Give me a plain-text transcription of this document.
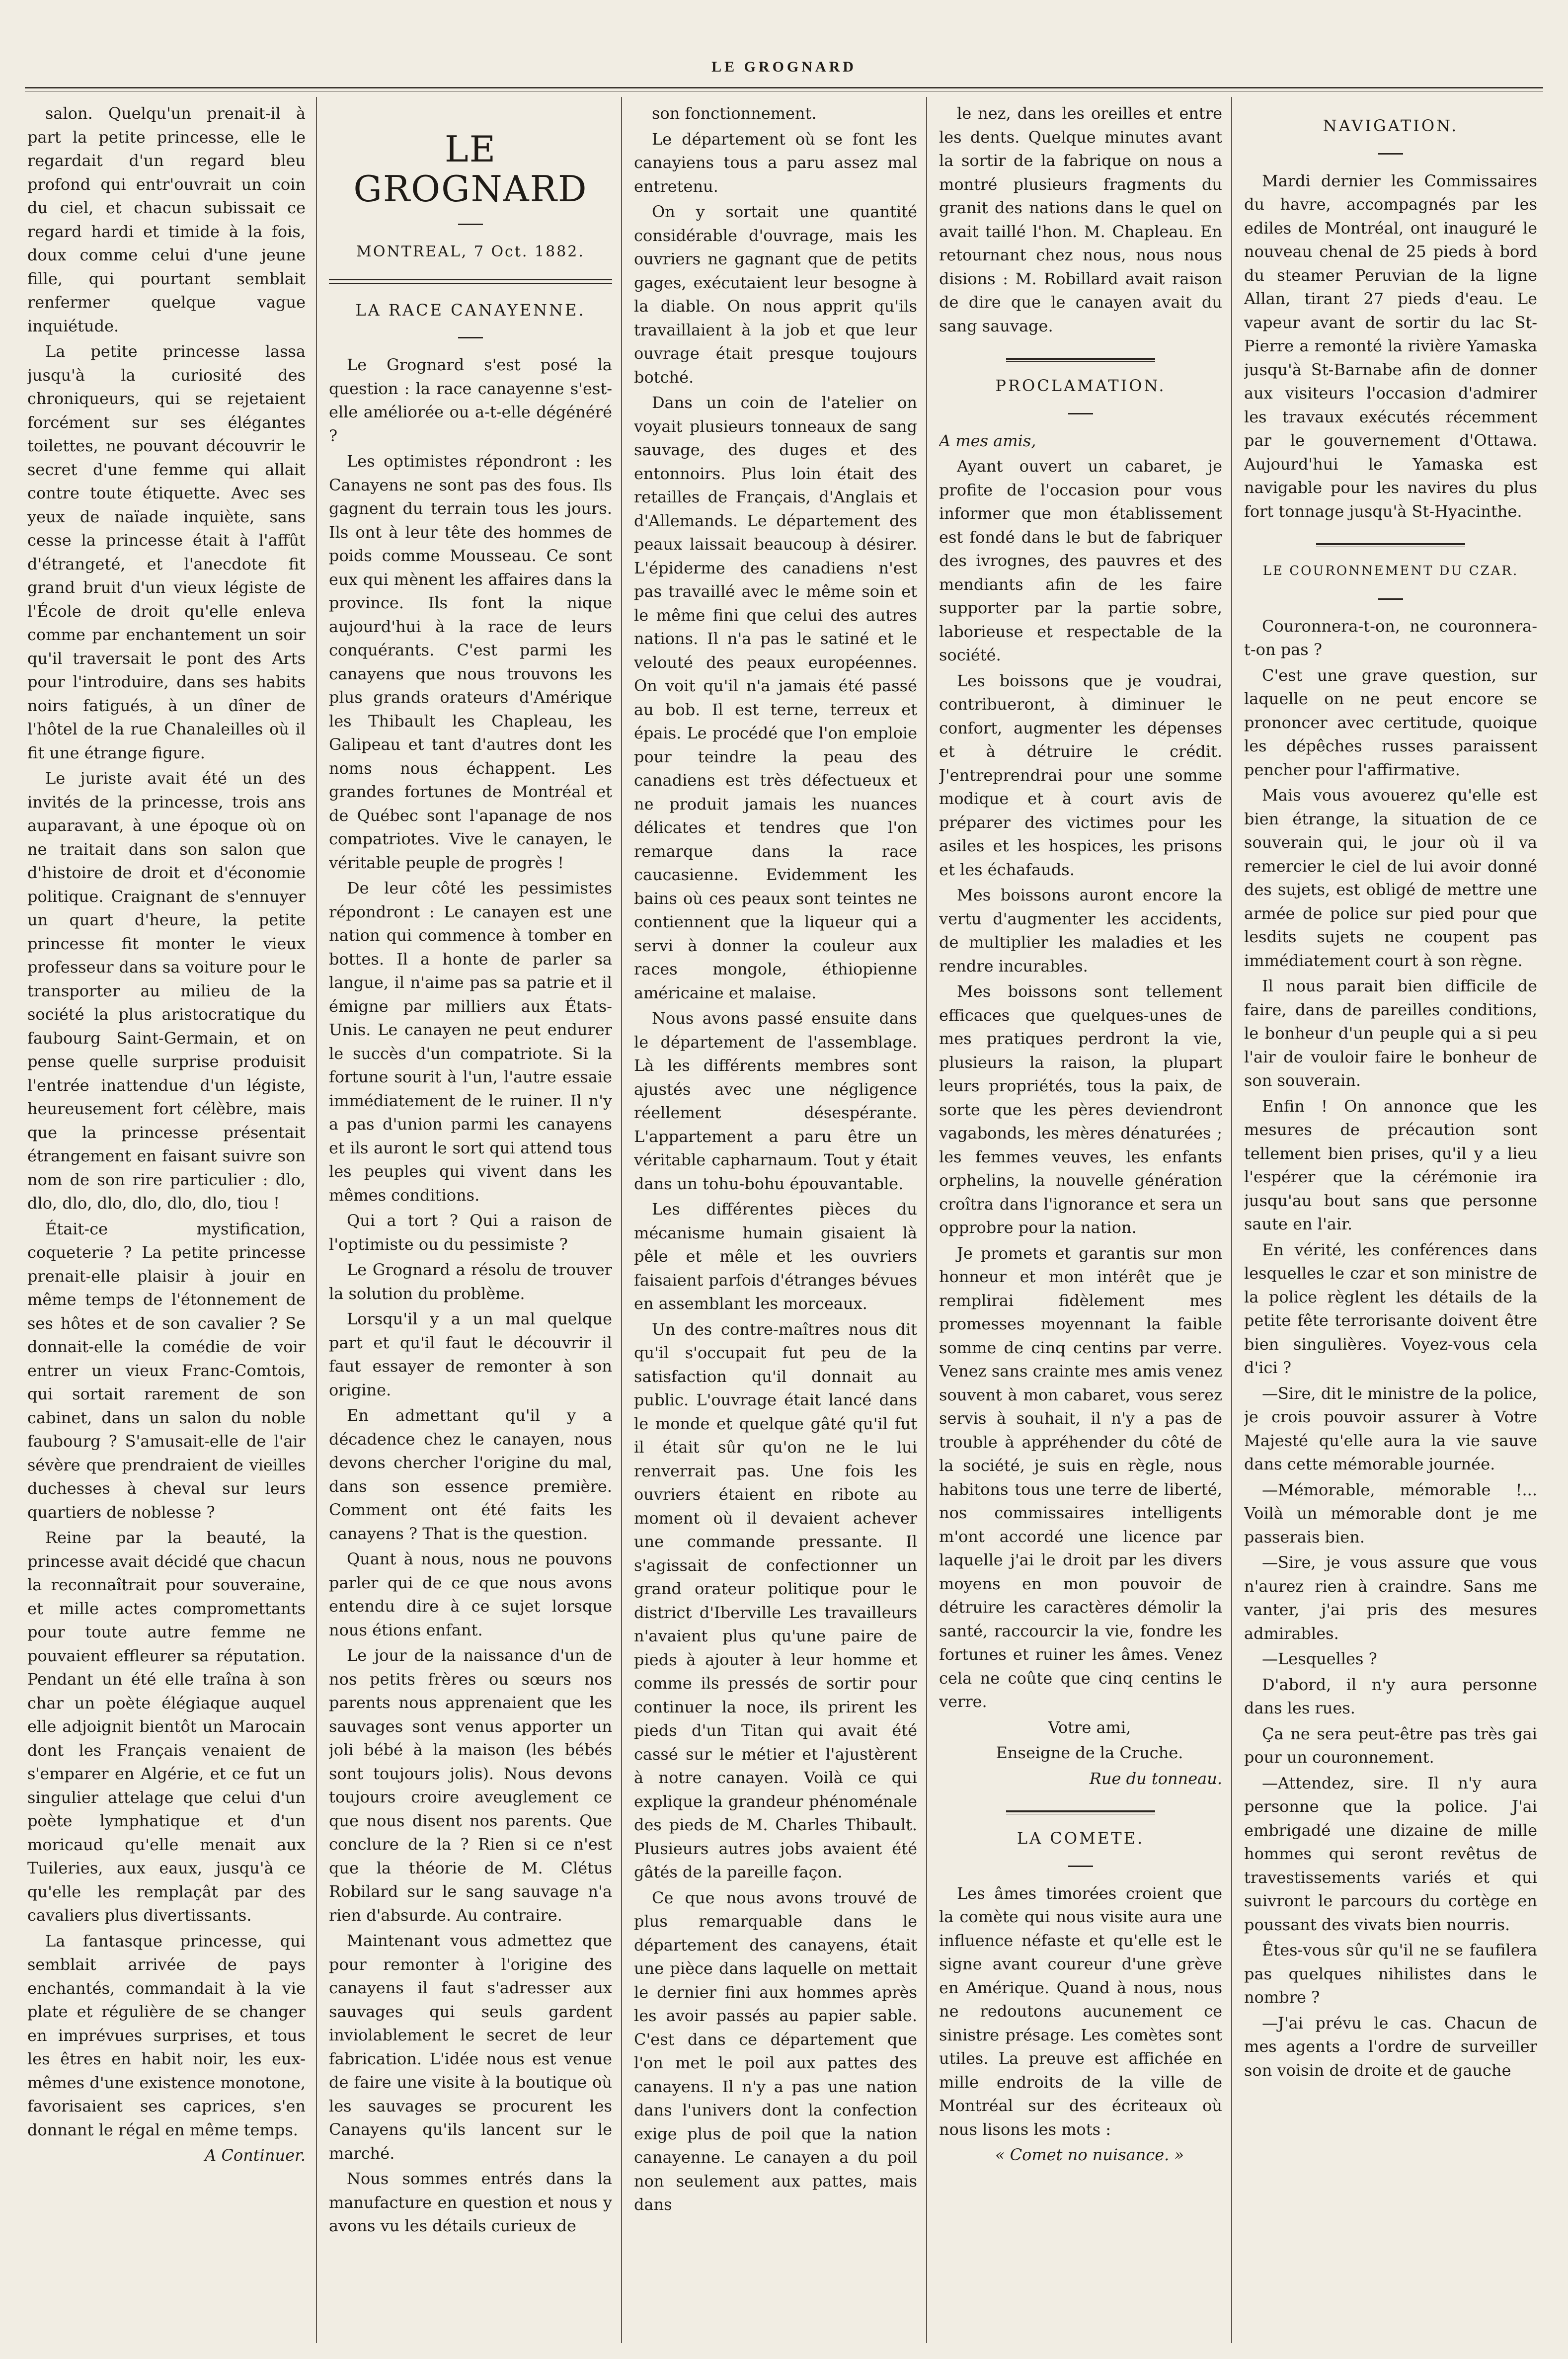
LE GROGNARD

salon. Quelqu'un prenait-il à part la petite princesse, elle le regardait d'un regard bleu profond qui entr'ouvrait un coin du ciel, et chacun subissait ce regard hardi et timide à la fois, doux comme celui d'une jeune fille, qui pourtant semblait renfermer quelque vague inquiétude.

La petite princesse lassa jusqu'à la curiosité des chroniqueurs, qui se rejetaient forcément sur ses élégantes toilettes, ne pouvant découvrir le secret d'une femme qui allait contre toute étiquette. Avec ses yeux de naïade inquiète, sans cesse la princesse était à l'affût d'étrangeté, et l'anecdote fit grand bruit d'un vieux légiste de l'École de droit qu'elle enleva comme par enchantement un soir qu'il traversait le pont des Arts pour l'introduire, dans ses habits noirs fatigués, à un dîner de l'hôtel de la rue Chanaleilles où il fit une étrange figure.

Le juriste avait été un des invités de la princesse, trois ans auparavant, à une époque où on ne traitait dans son salon que d'histoire de droit et d'économie politique. Craignant de s'ennuyer un quart d'heure, la petite princesse fit monter le vieux professeur dans sa voiture pour le transporter au milieu de la société la plus aristocratique du faubourg Saint-Germain, et on pense quelle surprise produisit l'entrée inattendue d'un légiste, heureusement fort célèbre, mais que la princesse présentait étrangement en faisant suivre son nom de son rire particulier : dlo, dlo, dlo, dlo, dlo, dlo, dlo, tiou !

Était-ce mystification, coqueterie ? La petite princesse prenait-elle plaisir à jouir en même temps de l'étonnement de ses hôtes et de son cavalier ? Se donnait-elle la comédie de voir entrer un vieux Franc-Comtois, qui sortait rarement de son cabinet, dans un salon du noble faubourg ? S'amusait-elle de l'air sévère que prendraient de vieilles duchesses à cheval sur leurs quartiers de noblesse ?

Reine par la beauté, la princesse avait décidé que chacun la reconnaîtrait pour souveraine, et mille actes compromettants pour toute autre femme ne pouvaient effleurer sa réputation. Pendant un été elle traîna à son char un poète élégiaque auquel elle adjoignit bientôt un Marocain dont les Français venaient de s'emparer en Algérie, et ce fut un singulier attelage que celui d'un poète lymphatique et d'un moricaud qu'elle menait aux Tuileries, aux eaux, jusqu'à ce qu'elle les remplaçât par des cavaliers plus divertissants.

La fantasque princesse, qui semblait arrivée de pays enchantés, commandait à la vie plate et régulière de se changer en imprévues surprises, et tous les êtres en habit noir, les eux-mêmes d'une existence monotone, favorisaient ses caprices, s'en donnant le régal en même temps.

A Continuer.

LE GROGNARD
MONTREAL, 7 Oct. 1882.
LA RACE CANAYENNE.

Le Grognard s'est posé la question : la race canayenne s'est-elle améliorée ou a-t-elle dégénéré ?

Les optimistes répondront : les Canayens ne sont pas des fous. Ils gagnent du terrain tous les jours. Ils ont à leur tête des hommes de poids comme Mousseau. Ce sont eux qui mènent les affaires dans la province. Ils font la nique aujourd'hui à la race de leurs conquérants. C'est parmi les canayens que nous trouvons les plus grands orateurs d'Amérique les Thibault les Chapleau, les Galipeau et tant d'autres dont les noms nous échappent. Les grandes fortunes de Montréal et de Québec sont l'apanage de nos compatriotes. Vive le canayen, le véritable peuple de progrès !

De leur côté les pessimistes répondront : Le canayen est une nation qui commence à tomber en bottes. Il a honte de parler sa langue, il n'aime pas sa patrie et il émigne par milliers aux États-Unis. Le canayen ne peut endurer le succès d'un compatriote. Si la fortune sourit à l'un, l'autre essaie immédiatement de le ruiner. Il n'y a pas d'union parmi les canayens et ils auront le sort qui attend tous les peuples qui vivent dans les mêmes conditions.

Qui a tort ? Qui a raison de l'optimiste ou du pessimiste ?

Le Grognard a résolu de trouver la solution du problème.

Lorsqu'il y a un mal quelque part et qu'il faut le découvrir il faut essayer de remonter à son origine.

En admettant qu'il y a décadence chez le canayen, nous devons chercher l'origine du mal, dans son essence première. Comment ont été faits les canayens ? That is the question.

Quant à nous, nous ne pouvons parler qui de ce que nous avons entendu dire à ce sujet lorsque nous étions enfant.

Le jour de la naissance d'un de nos petits frères ou sœurs nos parents nous apprenaient que les sauvages sont venus apporter un joli bébé à la maison (les bébés sont toujours jolis). Nous devons toujours croire aveuglement ce que nous disent nos parents. Que conclure de la ? Rien si ce n'est que la théorie de M. Clétus Robilard sur le sang sauvage n'a rien d'absurde. Au contraire.

Maintenant vous admettez que pour remonter à l'origine des canayens il faut s'adresser aux sauvages qui seuls gardent inviolablement le secret de leur fabrication. L'idée nous est venue de faire une visite à la boutique où les sauvages se procurent les Canayens qu'ils lancent sur le marché.

Nous sommes entrés dans la manufacture en question et nous y avons vu les détails curieux de

son fonctionnement.

Le département où se font les canayiens tous a paru assez mal entretenu.

On y sortait une quantité considérable d'ouvrage, mais les ouvriers ne gagnant que de petits gages, exécutaient leur besogne à la diable. On nous apprit qu'ils travaillaient à la job et que leur ouvrage était presque toujours botché.

Dans un coin de l'atelier on voyait plusieurs tonneaux de sang sauvage, des duges et des entonnoirs. Plus loin était des retailles de Français, d'Anglais et d'Allemands. Le département des peaux laissait beaucoup à désirer. L'épiderme des canadiens n'est pas travaillé avec le même soin et le même fini que celui des autres nations. Il n'a pas le satiné et le velouté des peaux européennes. On voit qu'il n'a jamais été passé au bob. Il est terne, terreux et épais. Le procédé que l'on emploie pour teindre la peau des canadiens est très défectueux et ne produit jamais les nuances délicates et tendres que l'on remarque dans la race caucasienne. Evidemment les bains où ces peaux sont teintes ne contiennent que la liqueur qui a servi à donner la couleur aux races mongole, éthiopienne américaine et malaise.

Nous avons passé ensuite dans le département de l'assemblage. Là les différents membres sont ajustés avec une négligence réellement désespérante. L'appartement a paru être un véritable capharnaum. Tout y était dans un tohu-bohu épouvantable.

Les différentes pièces du mécanisme humain gisaient là pêle et mêle et les ouvriers faisaient parfois d'étranges bévues en assemblant les morceaux.

Un des contre-maîtres nous dit qu'il s'occupait fut peu de la satisfaction qu'il donnait au public. L'ouvrage était lancé dans le monde et quelque gâté qu'il fut il était sûr qu'on ne le lui renverrait pas. Une fois les ouvriers étaient en ribote au moment où il devaient achever une commande pressante. Il s'agissait de confectionner un grand orateur politique pour le district d'Iberville Les travailleurs n'avaient plus qu'une paire de pieds à ajouter à leur homme et comme ils pressés de sortir pour continuer la noce, ils prirent les pieds d'un Titan qui avait été cassé sur le métier et l'ajustèrent à notre canayen. Voilà ce qui explique la grandeur phénoménale des pieds de M. Charles Thibault. Plusieurs autres jobs avaient été gâtés de la pareille façon.

Ce que nous avons trouvé de plus remarquable dans le département des canayens, était une pièce dans laquelle on mettait le dernier fini aux hommes après les avoir passés au papier sable. C'est dans ce département que l'on met le poil aux pattes des canayens. Il n'y a pas une nation dans l'univers dont la confection exige plus de poil que la nation canayenne. Le canayen a du poil non seulement aux pattes, mais dans

le nez, dans les oreilles et entre les dents. Quelque minutes avant la sortir de la fabrique on nous a montré plusieurs fragments du granit des nations dans le quel on avait taillé l'hon. M. Chapleau. En retournant chez nous, nous nous disions : M. Robillard avait raison de dire que le canayen avait du sang sauvage.

PROCLAMATION.

A mes amis,

Ayant ouvert un cabaret, je profite de l'occasion pour vous informer que mon établissement est fondé dans le but de fabriquer des ivrognes, des pauvres et des mendiants afin de les faire supporter par la partie sobre, laborieuse et respectable de la société.

Les boissons que je voudrai, contribueront, à diminuer le confort, augmenter les dépenses et à détruire le crédit. J'entreprendrai pour une somme modique et à court avis de préparer des victimes pour les asiles et les hospices, les prisons et les échafauds.

Mes boissons auront encore la vertu d'augmenter les accidents, de multiplier les maladies et les rendre incurables.

Mes boissons sont tellement efficaces que quelques-unes de mes pratiques perdront la vie, plusieurs la raison, la plupart leurs propriétés, tous la paix, de sorte que les pères deviendront vagabonds, les mères dénaturées ; les femmes veuves, les enfants orphelins, la nouvelle génération croîtra dans l'ignorance et sera un opprobre pour la nation.

Je promets et garantis sur mon honneur et mon intérêt que je remplirai fidèlement mes promesses moyennant la faible somme de cinq centins par verre. Venez sans crainte mes amis venez souvent à mon cabaret, vous serez servis à souhait, il n'y a pas de trouble à appréhender du côté de la société, je suis en règle, nous habitons tous une terre de liberté, nos commissaires intelligents m'ont accordé une licence par laquelle j'ai le droit par les divers moyens en mon pouvoir de détruire les caractères démolir la santé, raccourcir la vie, fondre les fortunes et ruiner les âmes. Venez cela ne coûte que cinq centins le verre.

Votre ami,

Enseigne de la Cruche.

Rue du tonneau.

LA COMETE.

Les âmes timorées croient que la comète qui nous visite aura une influence néfaste et qu'elle est le signe avant coureur d'une grève en Amérique. Quand à nous, nous ne redoutons aucunement ce sinistre présage. Les comètes sont utiles. La preuve est affichée en mille endroits de la ville de Montréal sur des écriteaux où nous lisons les mots :

« Comet no nuisance. »

NAVIGATION.

Mardi dernier les Commissaires du havre, accompagnés par les ediles de Montréal, ont inauguré le nouveau chenal de 25 pieds à bord du steamer Peruvian de la ligne Allan, tirant 27 pieds d'eau. Le vapeur avant de sortir du lac St-Pierre a remonté la rivière Yamaska jusqu'à St-Barnabe afin de donner aux visiteurs l'occasion d'admirer les travaux exécutés récemment par le gouvernement d'Ottawa. Aujourd'hui le Yamaska est navigable pour les navires du plus fort tonnage jusqu'à St-Hyacinthe.

LE COURONNEMENT DU CZAR.

Couronnera-t-on, ne couronnera-t-on pas ?

C'est une grave question, sur laquelle on ne peut encore se prononcer avec certitude, quoique les dépêches russes paraissent pencher pour l'affirmative.

Mais vous avouerez qu'elle est bien étrange, la situation de ce souverain qui, le jour où il va remercier le ciel de lui avoir donné des sujets, est obligé de mettre une armée de police sur pied pour que lesdits sujets ne coupent pas immédiatement court à son règne.

Il nous parait bien difficile de faire, dans de pareilles conditions, le bonheur d'un peuple qui a si peu l'air de vouloir faire le bonheur de son souverain.

Enfin ! On annonce que les mesures de précaution sont tellement bien prises, qu'il y a lieu l'espérer que la cérémonie ira jusqu'au bout sans que personne saute en l'air.

En vérité, les conférences dans lesquelles le czar et son ministre de la police règlent les détails de la petite fête terrorisante doivent être bien singulières. Voyez-vous cela d'ici ?

—Sire, dit le ministre de la police, je crois pouvoir assurer à Votre Majesté qu'elle aura la vie sauve dans cette mémorable journée.

—Mémorable, mémorable !... Voilà un mémorable dont je me passerais bien.

—Sire, je vous assure que vous n'aurez rien à craindre. Sans me vanter, j'ai pris des mesures admirables.

—Lesquelles ?

D'abord, il n'y aura personne dans les rues.

Ça ne sera peut-être pas très gai pour un couronnement.

—Attendez, sire. Il n'y aura personne que la police. J'ai embrigadé une dizaine de mille hommes qui seront revêtus de travestissements variés et qui suivront le parcours du cortège en poussant des vivats bien nourris.

Êtes-vous sûr qu'il ne se faufilera pas quelques nihilistes dans le nombre ?

—J'ai prévu le cas. Chacun de mes agents a l'ordre de surveiller son voisin de droite et de gauche
